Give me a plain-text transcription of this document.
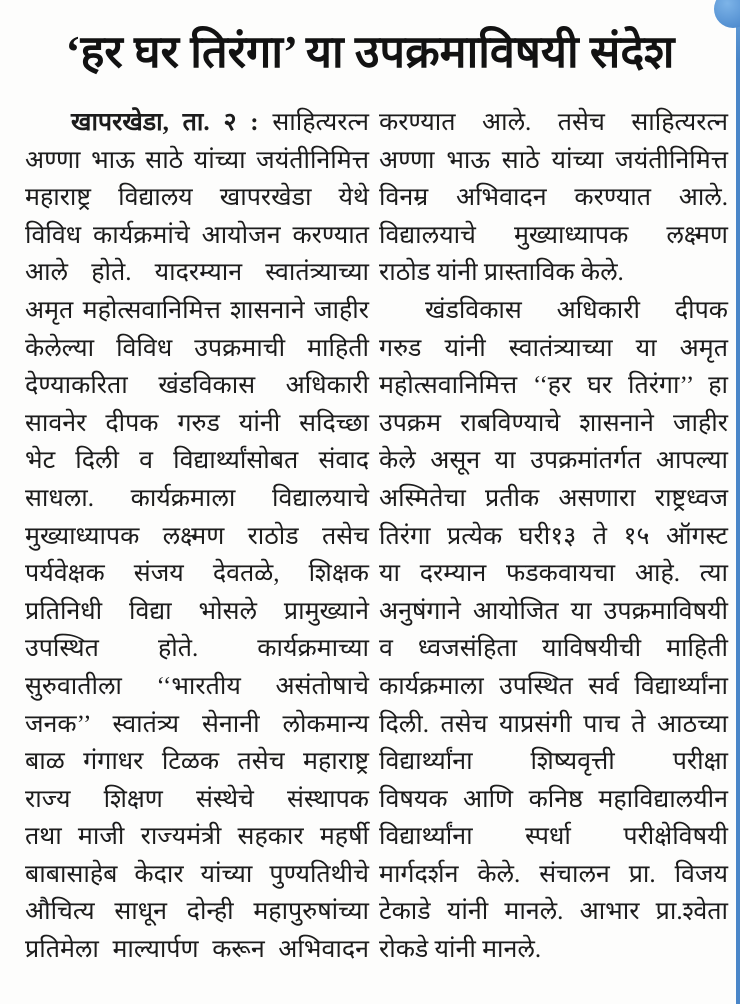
‘हर घर तिरंगा’ या उपक्रमाविषयी संदेश
खापरखेडा, ता. २ : साहित्यरत्न
अण्णा भाऊ साठे यांच्या जयंतीनिमित्त
महाराष्ट्र विद्यालय खापरखेडा येथे
विविध कार्यक्रमांचे आयोजन करण्यात
आले होते. यादरम्यान स्वातंत्र्याच्या
अमृत महोत्सवानिमित्त शासनाने जाहीर
केलेल्या विविध उपक्रमाची माहिती
देण्याकरिता खंडविकास अधिकारी
सावनेर दीपक गरुड यांनी सदिच्छा
भेट दिली व विद्यार्थ्यांसोबत संवाद
साधला. कार्यक्रमाला विद्यालयाचे
मुख्याध्यापक लक्ष्मण राठोड तसेच
पर्यवेक्षक संजय देवतळे, शिक्षक
प्रतिनिधी विद्या भोसले प्रामुख्याने
उपस्थित होते. कार्यक्रमाच्या
सुरुवातीला ‘‘भारतीय असंतोषाचे
जनक’’ स्वातंत्र्य सेनानी लोकमान्य
बाळ गंगाधर टिळक तसेच महाराष्ट्र
राज्य शिक्षण संस्थेचे संस्थापक
तथा माजी राज्यमंत्री सहकार महर्षी
बाबासाहेब केदार यांच्या पुण्यतिथीचे
औचित्य साधून दोन्ही महापुरुषांच्या
प्रतिमेला माल्यार्पण करून अभिवादन
करण्यात आले. तसेच साहित्यरत्न
अण्णा भाऊ साठे यांच्या जयंतीनिमित्त
विनम्र अभिवादन करण्यात आले.
विद्यालयाचे मुख्याध्यापक लक्ष्मण
राठोड यांनी प्रास्ताविक केले.
खंडविकास अधिकारी दीपक
गरुड यांनी स्वातंत्र्याच्या या अमृत
महोत्सवानिमित्त ‘‘हर घर तिरंगा’’ हा
उपक्रम राबविण्याचे शासनाने जाहीर
केले असून या उपक्रमांतर्गत आपल्या
अस्मितेचा प्रतीक असणारा राष्ट्रध्वज
तिरंगा प्रत्येक घरी१३ ते १५ ऑगस्ट
या दरम्यान फडकवायचा आहे. त्या
अनुषंगाने आयोजित या उपक्रमाविषयी
व ध्वजसंहिता याविषयीची माहिती
कार्यक्रमाला उपस्थित सर्व विद्यार्थ्यांना
दिली. तसेच याप्रसंगी पाच ते आठच्या
विद्यार्थ्यांना शिष्यवृत्ती परीक्षा
विषयक आणि कनिष्ठ महाविद्यालयीन
विद्यार्थ्यांना स्पर्धा परीक्षेविषयी
मार्गदर्शन केले. संचालन प्रा. विजय
टेकाडे यांनी मानले. आभार प्रा.श्वेता
रोकडे यांनी मानले.
